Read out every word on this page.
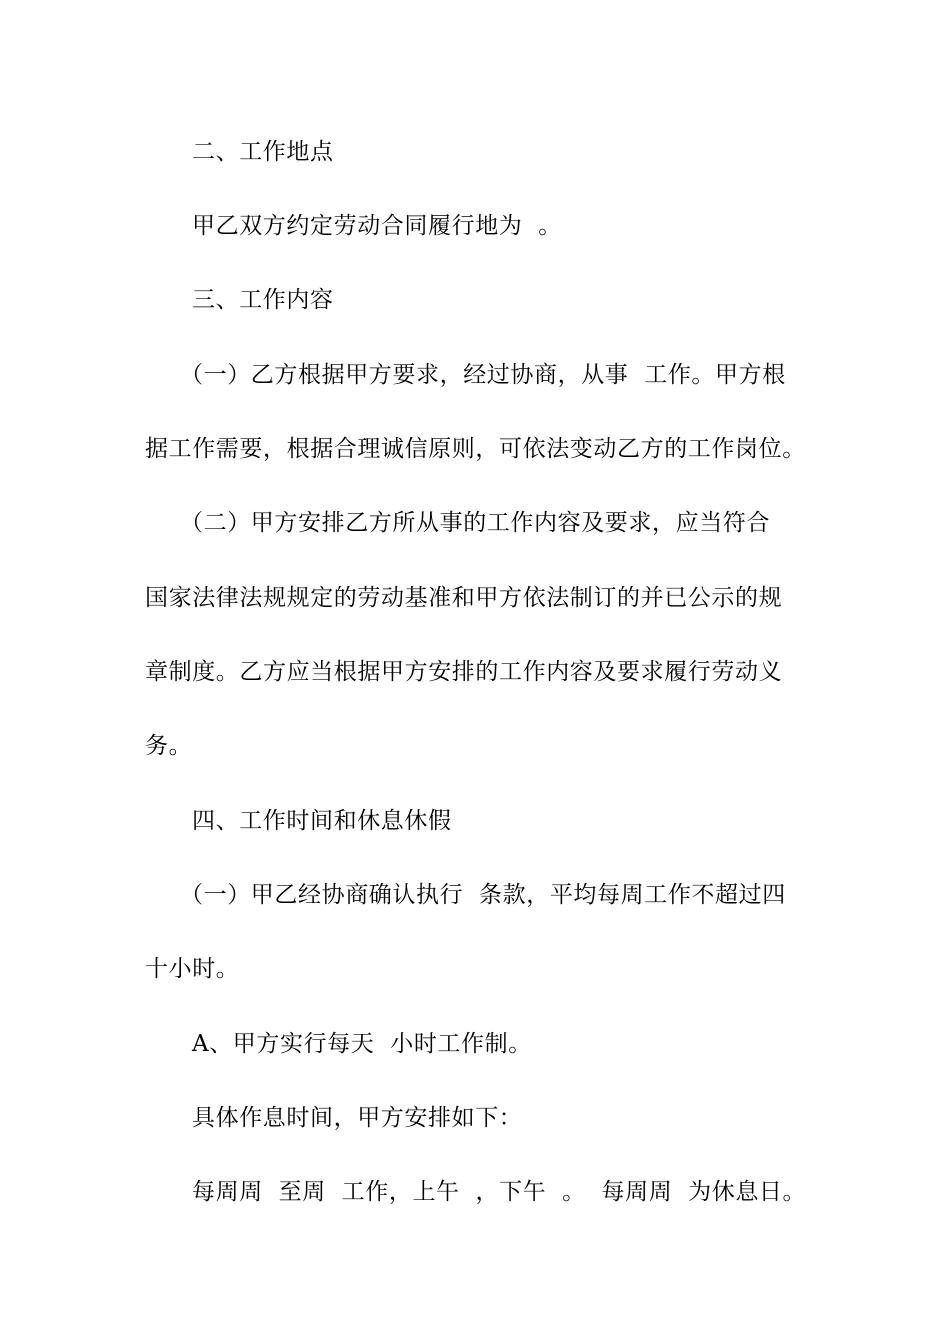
二、工作地点
甲乙双方约定劳动合同履行地为  。
三、工作内容
（一）乙方根据甲方要求，经过协商，从事  工作。甲方根
据工作需要，根据合理诚信原则，可依法变动乙方的工作岗位。
（二）甲方安排乙方所从事的工作内容及要求，应当符合
国家法律法规规定的劳动基准和甲方依法制订的并已公示的规
章制度。乙方应当根据甲方安排的工作内容及要求履行劳动义
务。
四、工作时间和休息休假
（一）甲乙经协商确认执行  条款，平均每周工作不超过四
十小时。
A、甲方实行每天  小时工作制。
具体作息时间，甲方安排如下：
每周周  至周  工作，上午  ，下午  。  每周周  为休息日。
